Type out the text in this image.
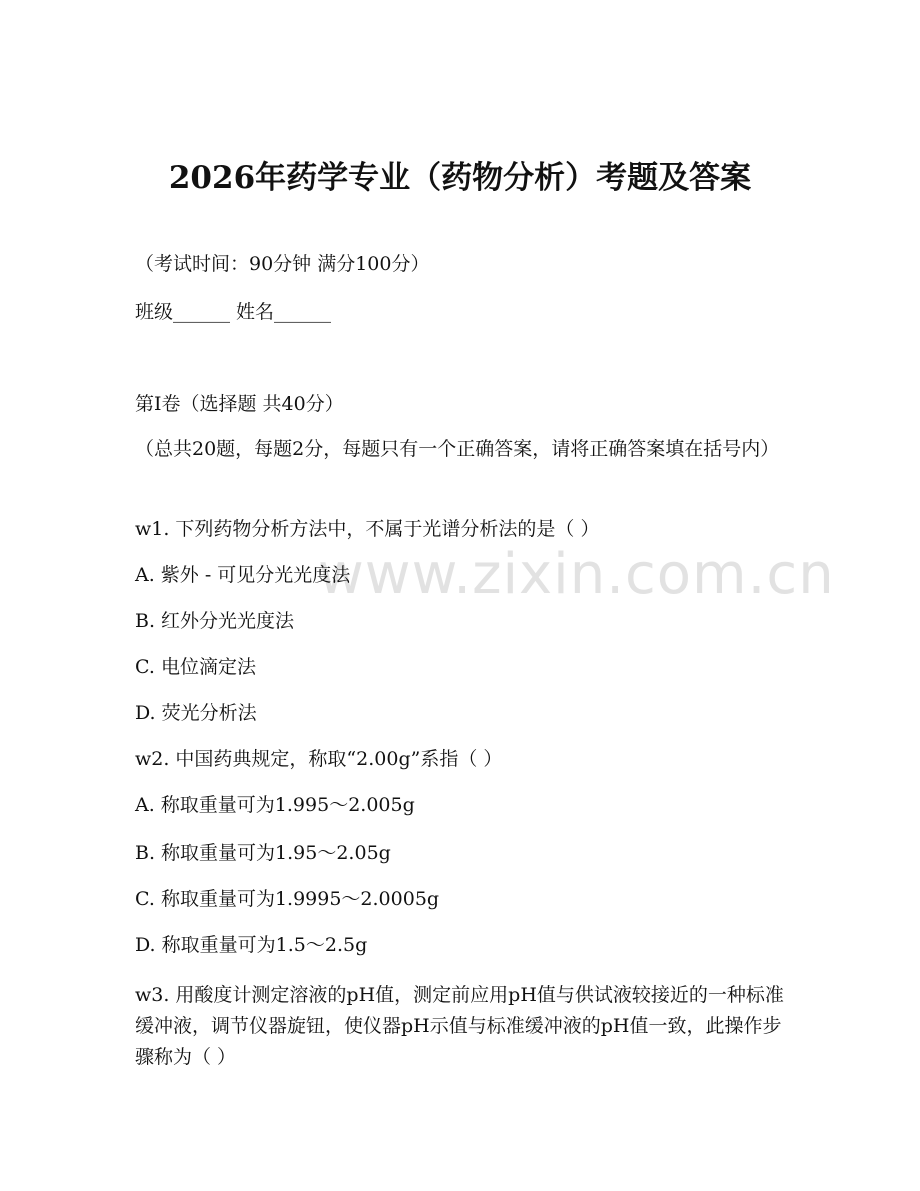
www.zixin.com.cn
2026年药学专业（药物分析）考题及答案
（考试时间：90分钟 满分100分）
班级______ 姓名______
第I卷（选择题 共40分）
（总共20题，每题2分，每题只有一个正确答案，请将正确答案填在括号内）
w1. 下列药物分析方法中，不属于光谱分析法的是（ ）
A. 紫外 - 可见分光光度法
B. 红外分光光度法
C. 电位滴定法
D. 荧光分析法
w2. 中国药典规定，称取“2.00g”系指（ ）
A. 称取重量可为1.995～2.005g
B. 称取重量可为1.95～2.05g
C. 称取重量可为1.9995～2.0005g
D. 称取重量可为1.5～2.5g
w3. 用酸度计测定溶液的pH值，测定前应用pH值与供试液较接近的一种标准缓冲液，调节仪器旋钮，使仪器pH示值与标准缓冲液的pH值一致，此操作步骤称为（ ）
